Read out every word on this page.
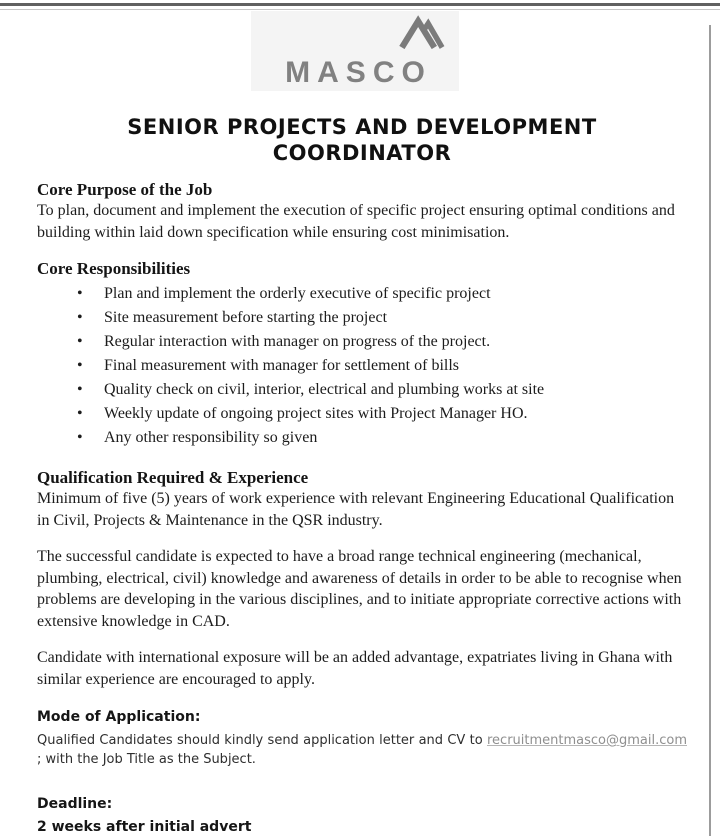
MASCO
SENIOR PROJECTS AND DEVELOPMENT COORDINATOR
Core Purpose of the Job

To plan, document and implement the execution of specific project ensuring optimal conditions and building within laid down specification while ensuring cost minimisation.

Core Responsibilities
• Plan and implement the orderly executive of specific project
• Site measurement before starting the project
• Regular interaction with manager on progress of the project.
• Final measurement with manager for settlement of bills
• Quality check on civil, interior, electrical and plumbing works at site
• Weekly update of ongoing project sites with Project Manager HO.
• Any other responsibility so given
Qualification Required & Experience

Minimum of five (5) years of work experience with relevant Engineering Educational Qualification in Civil, Projects & Maintenance in the QSR industry.

The successful candidate is expected to have a broad range technical engineering (mechanical, plumbing, electrical, civil) knowledge and awareness of details in order to be able to recognise when problems are developing in the various disciplines, and to initiate appropriate corrective actions with extensive knowledge in CAD.

Candidate with international exposure will be an added advantage, expatriates living in Ghana with similar experience are encouraged to apply.

Mode of Application:

Qualified Candidates should kindly send application letter and CV to recruitmentmasco@gmail.com ; with the Job Title as the Subject.

Deadline:

2 weeks after initial advert
